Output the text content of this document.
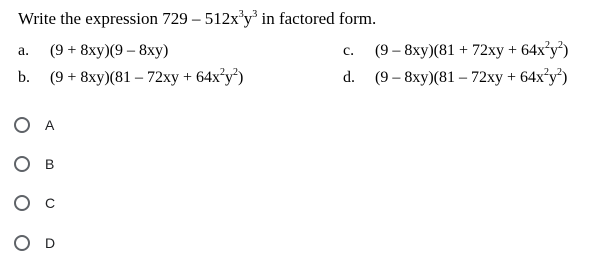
Write the expression $729 - 512x^3y^3$ in factored form.
a. (9 + 8xy)(9 – 8xy)
b. $(9 + 8xy)(81 - 72xy + 64x^2y^2)$
c. $(9 - 8xy)(81 + 72xy + 64x^2y^2)$
d. $(9 - 8xy)(81 - 72xy + 64x^2y^2)$
A
B
C
D
